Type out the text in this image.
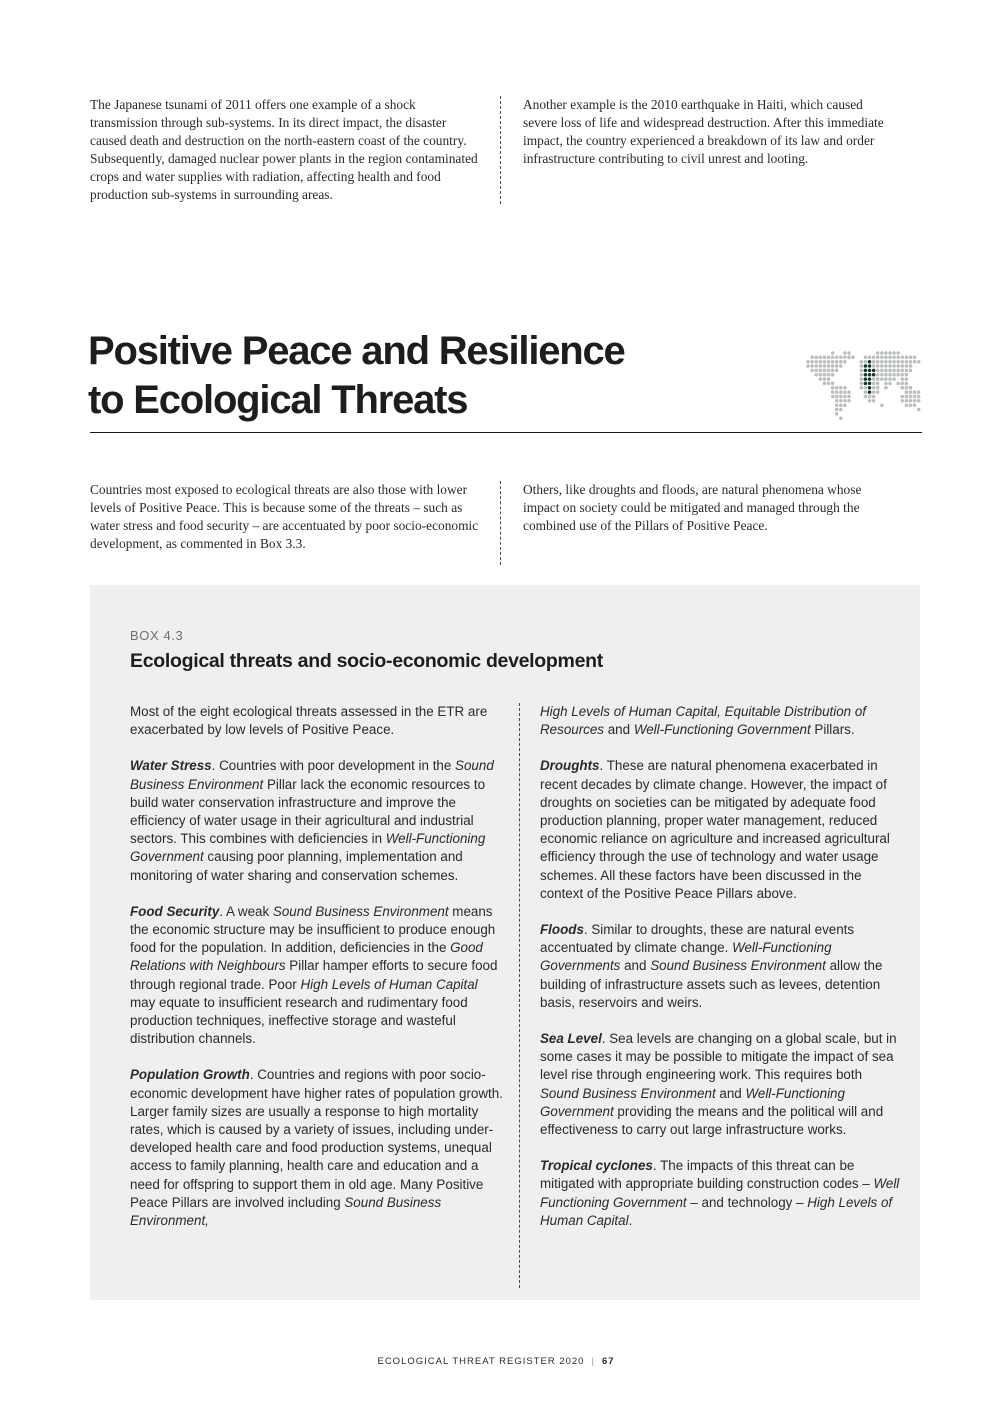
The Japanese tsunami of 2011 offers one example of a shock transmission through sub-systems. In its direct impact, the disaster caused death and destruction on the north-eastern coast of the country. Subsequently, damaged nuclear power plants in the region contaminated crops and water supplies with radiation, affecting health and food production sub-systems in surrounding areas.
Another example is the 2010 earthquake in Haiti, which caused severe loss of life and widespread destruction. After this immediate impact, the country experienced a breakdown of its law and order infrastructure contributing to civil unrest and looting.
Positive Peace and Resilience
to Ecological Threats
Countries most exposed to ecological threats are also those with lower levels of Positive Peace. This is because some of the threats – such as water stress and food security – are accentuated by poor socio-economic development, as commented in Box 3.3.
Others, like droughts and floods, are natural phenomena whose impact on society could be mitigated and managed through the combined use of the Pillars of Positive Peace.
BOX 4.3
Ecological threats and socio-economic development

Most of the eight ecological threats assessed in the ETR are exacerbated by low levels of Positive Peace.

Water Stress. Countries with poor development in the Sound Business Environment Pillar lack the economic resources to build water conservation infrastructure and improve the efficiency of water usage in their agricultural and industrial sectors. This combines with deficiencies in Well-Functioning Government causing poor planning, implementation and monitoring of water sharing and conservation schemes.

Food Security. A weak Sound Business Environment means the economic structure may be insufficient to produce enough food for the population. In addition, deficiencies in the Good Relations with Neighbours Pillar hamper efforts to secure food through regional trade. Poor High Levels of Human Capital may equate to insufficient research and rudimentary food production techniques, ineffective storage and wasteful distribution channels.

Population Growth. Countries and regions with poor socio-economic development have higher rates of population growth. Larger family sizes are usually a response to high mortality rates, which is caused by a variety of issues, including under-developed health care and food production systems, unequal access to family planning, health care and education and a need for offspring to support them in old age. Many Positive Peace Pillars are involved including Sound Business Environment,

High Levels of Human Capital, Equitable Distribution of Resources and Well-Functioning Government Pillars.

Droughts. These are natural phenomena exacerbated in recent decades by climate change. However, the impact of droughts on societies can be mitigated by adequate food production planning, proper water management, reduced economic reliance on agriculture and increased agricultural efficiency through the use of technology and water usage schemes. All these factors have been discussed in the context of the Positive Peace Pillars above.

Floods. Similar to droughts, these are natural events accentuated by climate change. Well-Functioning Governments and Sound Business Environment allow the building of infrastructure assets such as levees, detention basis, reservoirs and weirs.

Sea Level. Sea levels are changing on a global scale, but in some cases it may be possible to mitigate the impact of sea level rise through engineering work. This requires both Sound Business Environment and Well-Functioning Government providing the means and the political will and effectiveness to carry out large infrastructure works.

Tropical cyclones. The impacts of this threat can be mitigated with appropriate building construction codes – Well Functioning Government – and technology – High Levels of Human Capital.

ECOLOGICAL THREAT REGISTER 2020 | 67
